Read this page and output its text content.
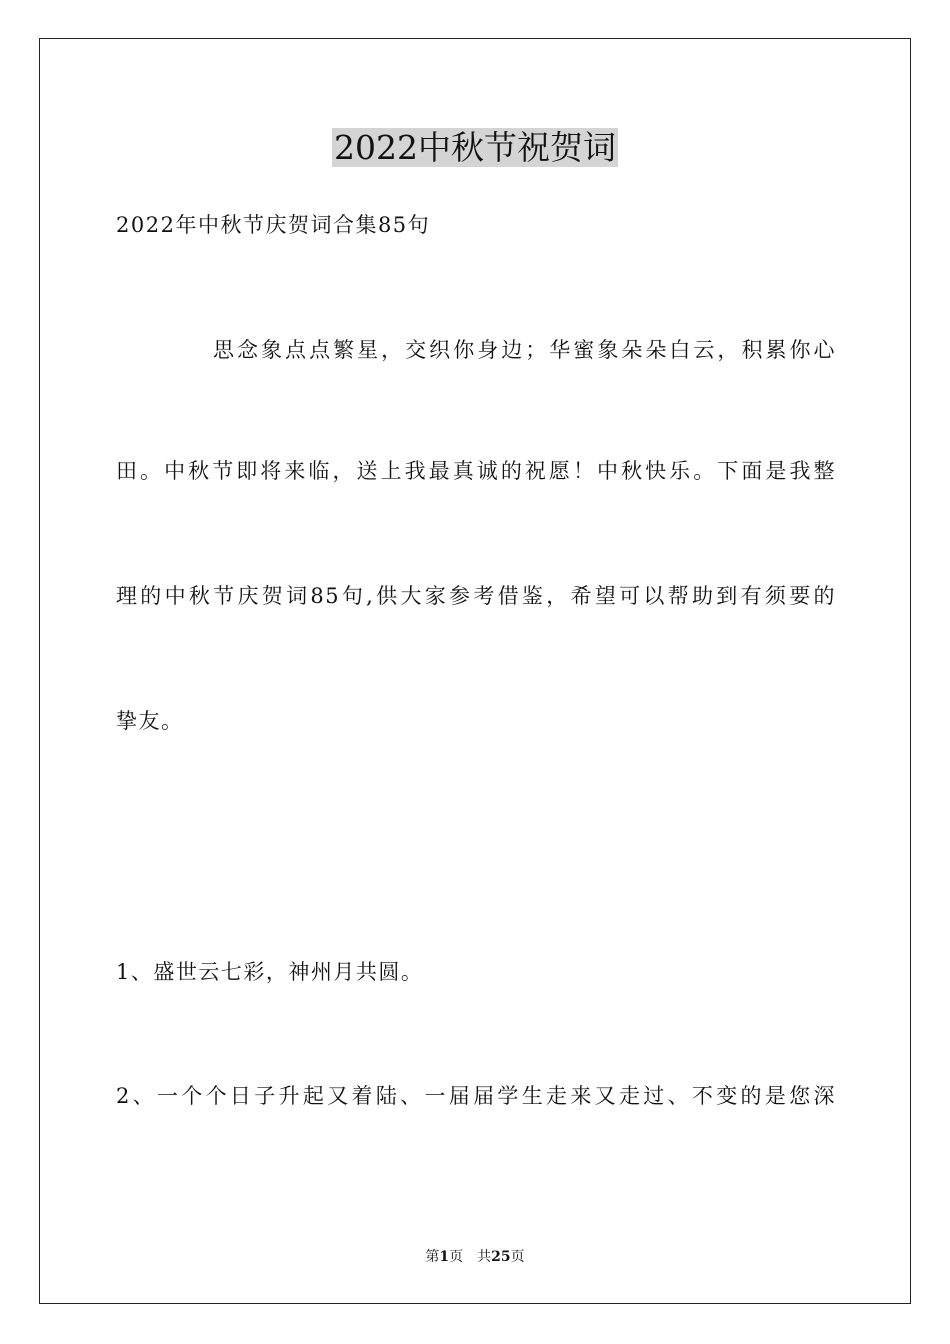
2022中秋节祝贺词

2022年中秋节庆贺词合集85句

思念象点点繁星，交织你身边；华蜜象朵朵白云，积累你心

田。中秋节即将来临，送上我最真诚的祝愿！中秋快乐。下面是我整

理的中秋节庆贺词85句,供大家参考借鉴，希望可以帮助到有须要的

挚友。

1、盛世云七彩，神州月共圆。

2、一个个日子升起又着陆、一届届学生走来又走过、不变的是您深

第1页 共25页
